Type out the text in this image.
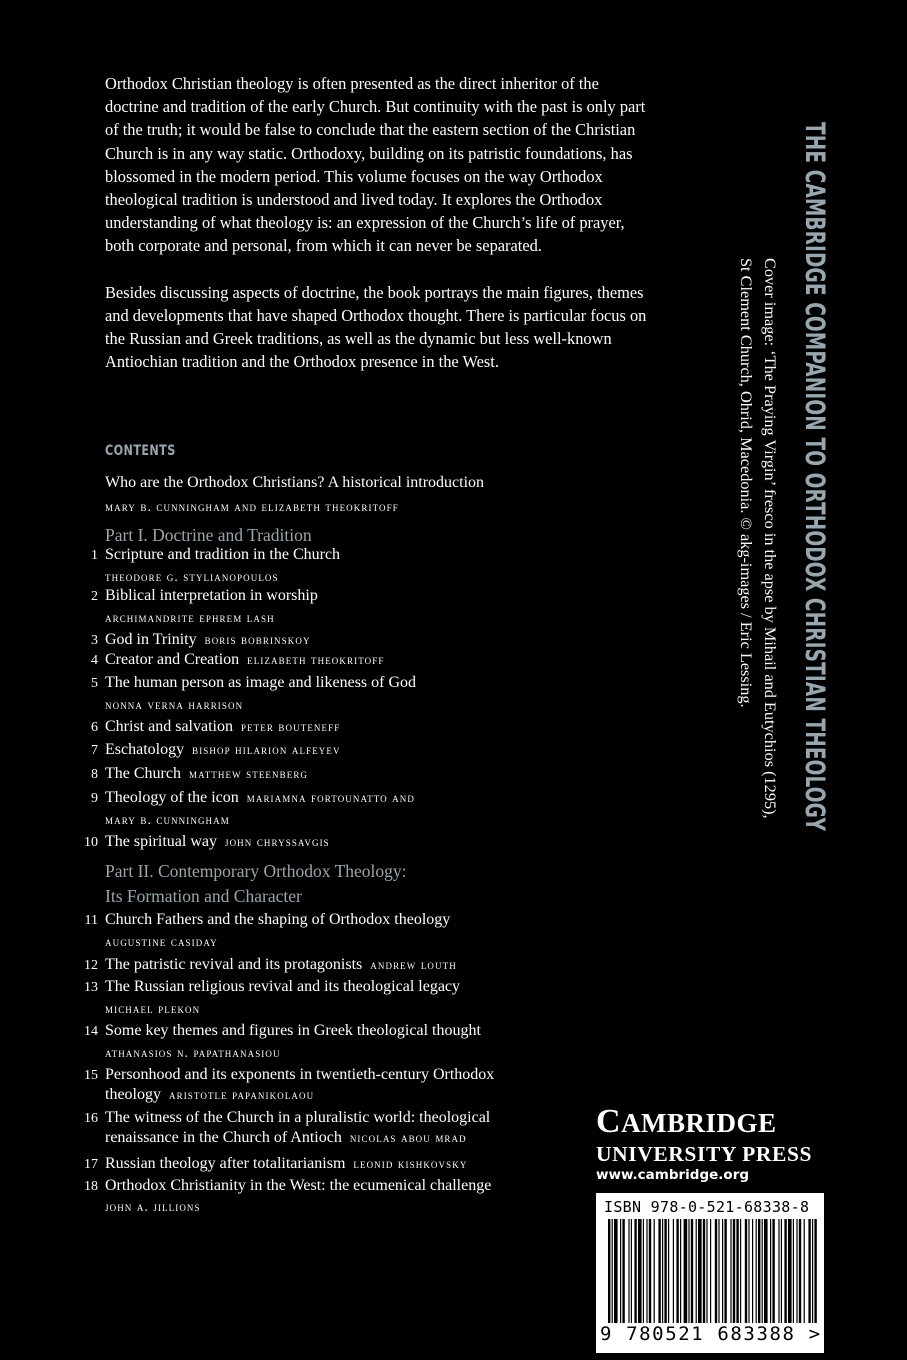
Orthodox Christian theology is often presented as the direct inheritor of the doctrine and tradition of the early Church. But continuity with the past is only part of the truth; it would be false to conclude that the eastern section of the Christian Church is in any way static. Orthodoxy, building on its patristic foundations, has blossomed in the modern period. This volume focuses on the way Orthodox theological tradition is understood and lived today. It explores the Orthodox understanding of what theology is: an expression of the Church’s life of prayer, both corporate and personal, from which it can never be separated.

Besides discussing aspects of doctrine, the book portrays the main figures, themes and developments that have shaped Orthodox thought. There is particular focus on the Russian and Greek traditions, as well as the dynamic but less well-known Antiochian tradition and the Orthodox presence in the West.

CONTENTS
Who are the Orthodox Christians? A historical introduction
mary b. cunningham and elizabeth theokritoff
Part I. Doctrine and Tradition
1 Scripture and tradition in the Church
theodore g. stylianopoulos
2 Biblical interpretation in worship
archimandrite ephrem lash
3 God in Trinity boris bobrinskoy
4 Creator and Creation elizabeth theokritoff
5 The human person as image and likeness of God
nonna verna harrison
6 Christ and salvation peter bouteneff
7 Eschatology bishop hilarion alfeyev
8 The Church matthew steenberg
9 Theology of the icon mariamna fortounatto and
mary b. cunningham
10 The spiritual way john chryssavgis
Part II. Contemporary Orthodox Theology:
Its Formation and Character
11 Church Fathers and the shaping of Orthodox theology
augustine casiday
12 The patristic revival and its protagonists andrew louth
13 The Russian religious revival and its theological legacy
michael plekon
14 Some key themes and figures in Greek theological thought
athanasios n. papathanasiou
15 Personhood and its exponents in twentieth-century Orthodox
theology aristotle papanikolaou
16 The witness of the Church in a pluralistic world: theological
renaissance in the Church of Antioch nicolas abou mrad
17 Russian theology after totalitarianism leonid kishkovsky
18 Orthodox Christianity in the West: the ecumenical challenge
john a. jillions
THE CAMBRIDGE COMPANION TO ORTHODOX CHRISTIAN THEOLOGY
Cover image: ‘The Praying Virgin’ fresco in the apse by Mihail and Eutychios (1295),
St Clement Church, Ohrid, Macedonia. © akg-images / Eric Lessing.
CAMBRIDGE
UNIVERSITY PRESS
www.cambridge.org
ISBN 978-0-521-68338-8
9 780521 683388 >
